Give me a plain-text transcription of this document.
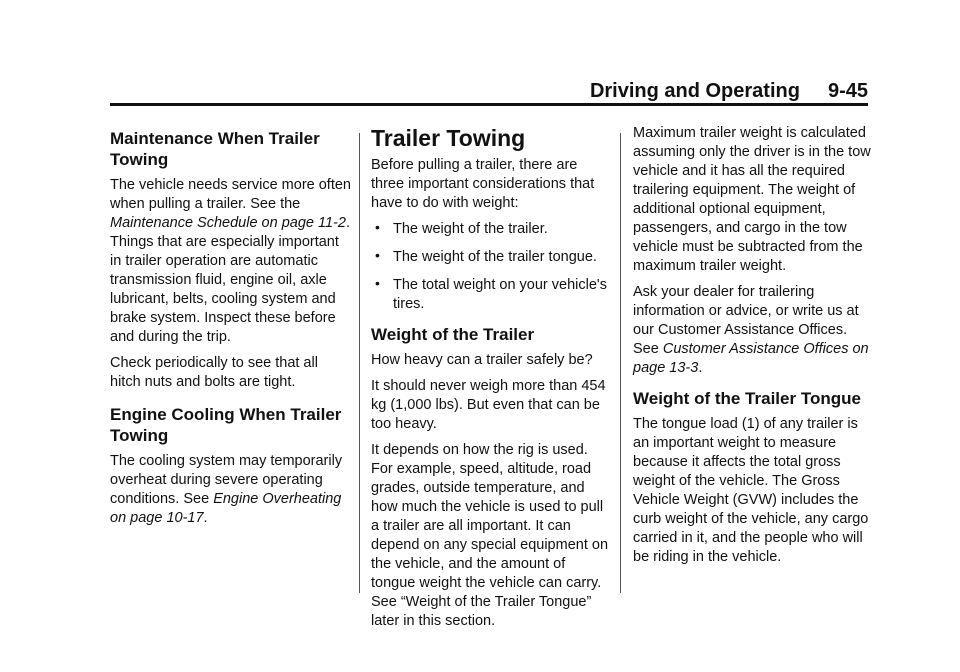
Driving and Operating 9-45
Maintenance When Trailer Towing

The vehicle needs service more often when pulling a trailer. See the Maintenance Schedule on page 11-2. Things that are especially important in trailer operation are automatic transmission fluid, engine oil, axle lubricant, belts, cooling system and brake system. Inspect these before and during the trip.

Check periodically to see that all hitch nuts and bolts are tight.

Engine Cooling When Trailer Towing

The cooling system may temporarily overheat during severe operating conditions. See Engine Overheating on page 10-17.

Trailer Towing

Before pulling a trailer, there are three important considerations that have to do with weight:

• The weight of the trailer.
• The weight of the trailer tongue.
• The total weight on your vehicle's tires.
Weight of the Trailer

How heavy can a trailer safely be?

It should never weigh more than 454 kg (1,000 lbs). But even that can be too heavy.

It depends on how the rig is used. For example, speed, altitude, road grades, outside temperature, and how much the vehicle is used to pull a trailer are all important. It can depend on any special equipment on the vehicle, and the amount of tongue weight the vehicle can carry. See “Weight of the Trailer Tongue” later in this section.

Maximum trailer weight is calculated assuming only the driver is in the tow vehicle and it has all the required trailering equipment. The weight of additional optional equipment, passengers, and cargo in the tow vehicle must be subtracted from the maximum trailer weight.

Ask your dealer for trailering information or advice, or write us at our Customer Assistance Offices. See Customer Assistance Offices on page 13-3.

Weight of the Trailer Tongue

The tongue load (1) of any trailer is an important weight to measure because it affects the total gross weight of the vehicle. The Gross Vehicle Weight (GVW) includes the curb weight of the vehicle, any cargo carried in it, and the people who will be riding in the vehicle.
